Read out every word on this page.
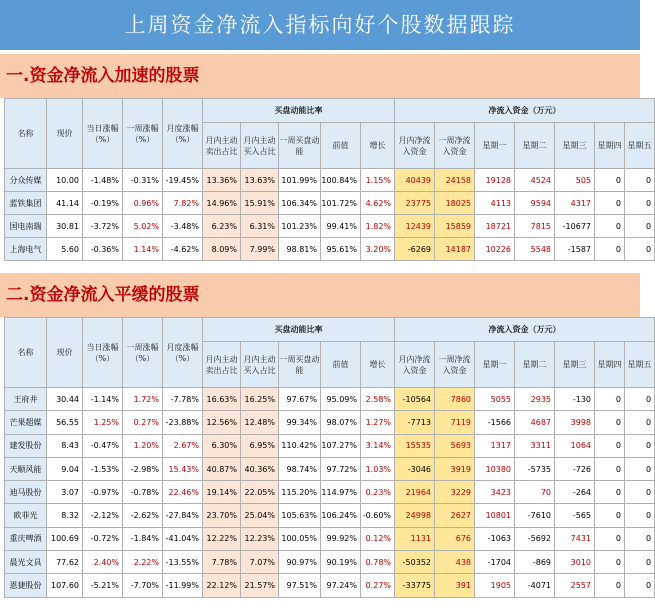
上周资金净流入指标向好个股数据跟踪
一.资金净流入加速的股票
名称	现价	当日涨幅（%）	一周涨幅（%）	月度涨幅（%）	买盘动能比率					净流入资金（万元）						
					月内主动卖出占比	月内主动买入占比	一周买盘动能	前值	增长	月内净流入资金	一周净流入资金	星期一	星期二	星期三	星期四	星期五
分众传媒	10.00	-1.48%	-0.31%	-19.45%	13.36%	13.63%	101.99%	100.84%	1.15%	40439	24158	19128	4524	505	0	0
蓝铁集团	41.14	-0.19%	0.96%	7.82%	14.96%	15.91%	106.34%	101.72%	4.62%	23775	18025	4113	9594	4317	0	0
国电南瑞	30.81	-3.72%	5.02%	-3.48%	6.23%	6.31%	101.23%	99.41%	1.82%	12439	15859	18721	7815	-10677	0	0
上海电气	5.60	-0.36%	1.14%	-4.62%	8.09%	7.99%	98.81%	95.61%	3.20%	-6269	14187	10226	5548	-1587	0	0
二.资金净流入平缓的股票
名称	现价	当日涨幅（%）	一周涨幅（%）	月度涨幅（%）	买盘动能比率					净流入资金（万元）						
					月内主动卖出占比	月内主动买入占比	一周买盘动能	前值	增长	月内净流入资金	一周净流入资金	星期一	星期二	星期三	星期四	星期五
王府井	30.44	-1.14%	1.72%	-7.78%	16.63%	16.25%	97.67%	95.09%	2.58%	-10564	7860	5055	2935	-130	0	0
芒果超媒	56.55	1.25%	0.27%	-23.88%	12.56%	12.48%	99.34%	98.07%	1.27%	-7713	7119	-1566	4687	3998	0	0
建发股份	8.43	-0.47%	1.20%	2.67%	6.30%	6.95%	110.42%	107.27%	3.14%	15535	5693	1317	3311	1064	0	0
天顺风能	9.04	-1.53%	-2.98%	15.43%	40.87%	40.36%	98.74%	97.72%	1.03%	-3046	3919	10380	-5735	-726	0	0
迪马股份	3.07	-0.97%	-0.78%	22.46%	19.14%	22.05%	115.20%	114.97%	0.23%	21964	3229	3423	70	-264	0	0
欧菲光	8.32	-2.12%	-2.62%	-27.84%	23.70%	25.04%	105.63%	106.24%	-0.60%	24998	2627	10801	-7610	-565	0	0
重庆啤酒	100.69	-0.72%	-1.84%	-41.04%	12.22%	12.23%	100.05%	99.92%	0.12%	1131	676	-1063	-5692	7431	0	0
晨光文具	77.62	2.40%	2.22%	-13.55%	7.78%	7.07%	90.97%	90.19%	0.78%	-50352	438	-1704	-869	3010	0	0
恩捷股份	107.60	-5.21%	-7.70%	-11.99%	22.12%	21.57%	97.51%	97.24%	0.27%	-33775	391	1905	-4071	2557	0	0
